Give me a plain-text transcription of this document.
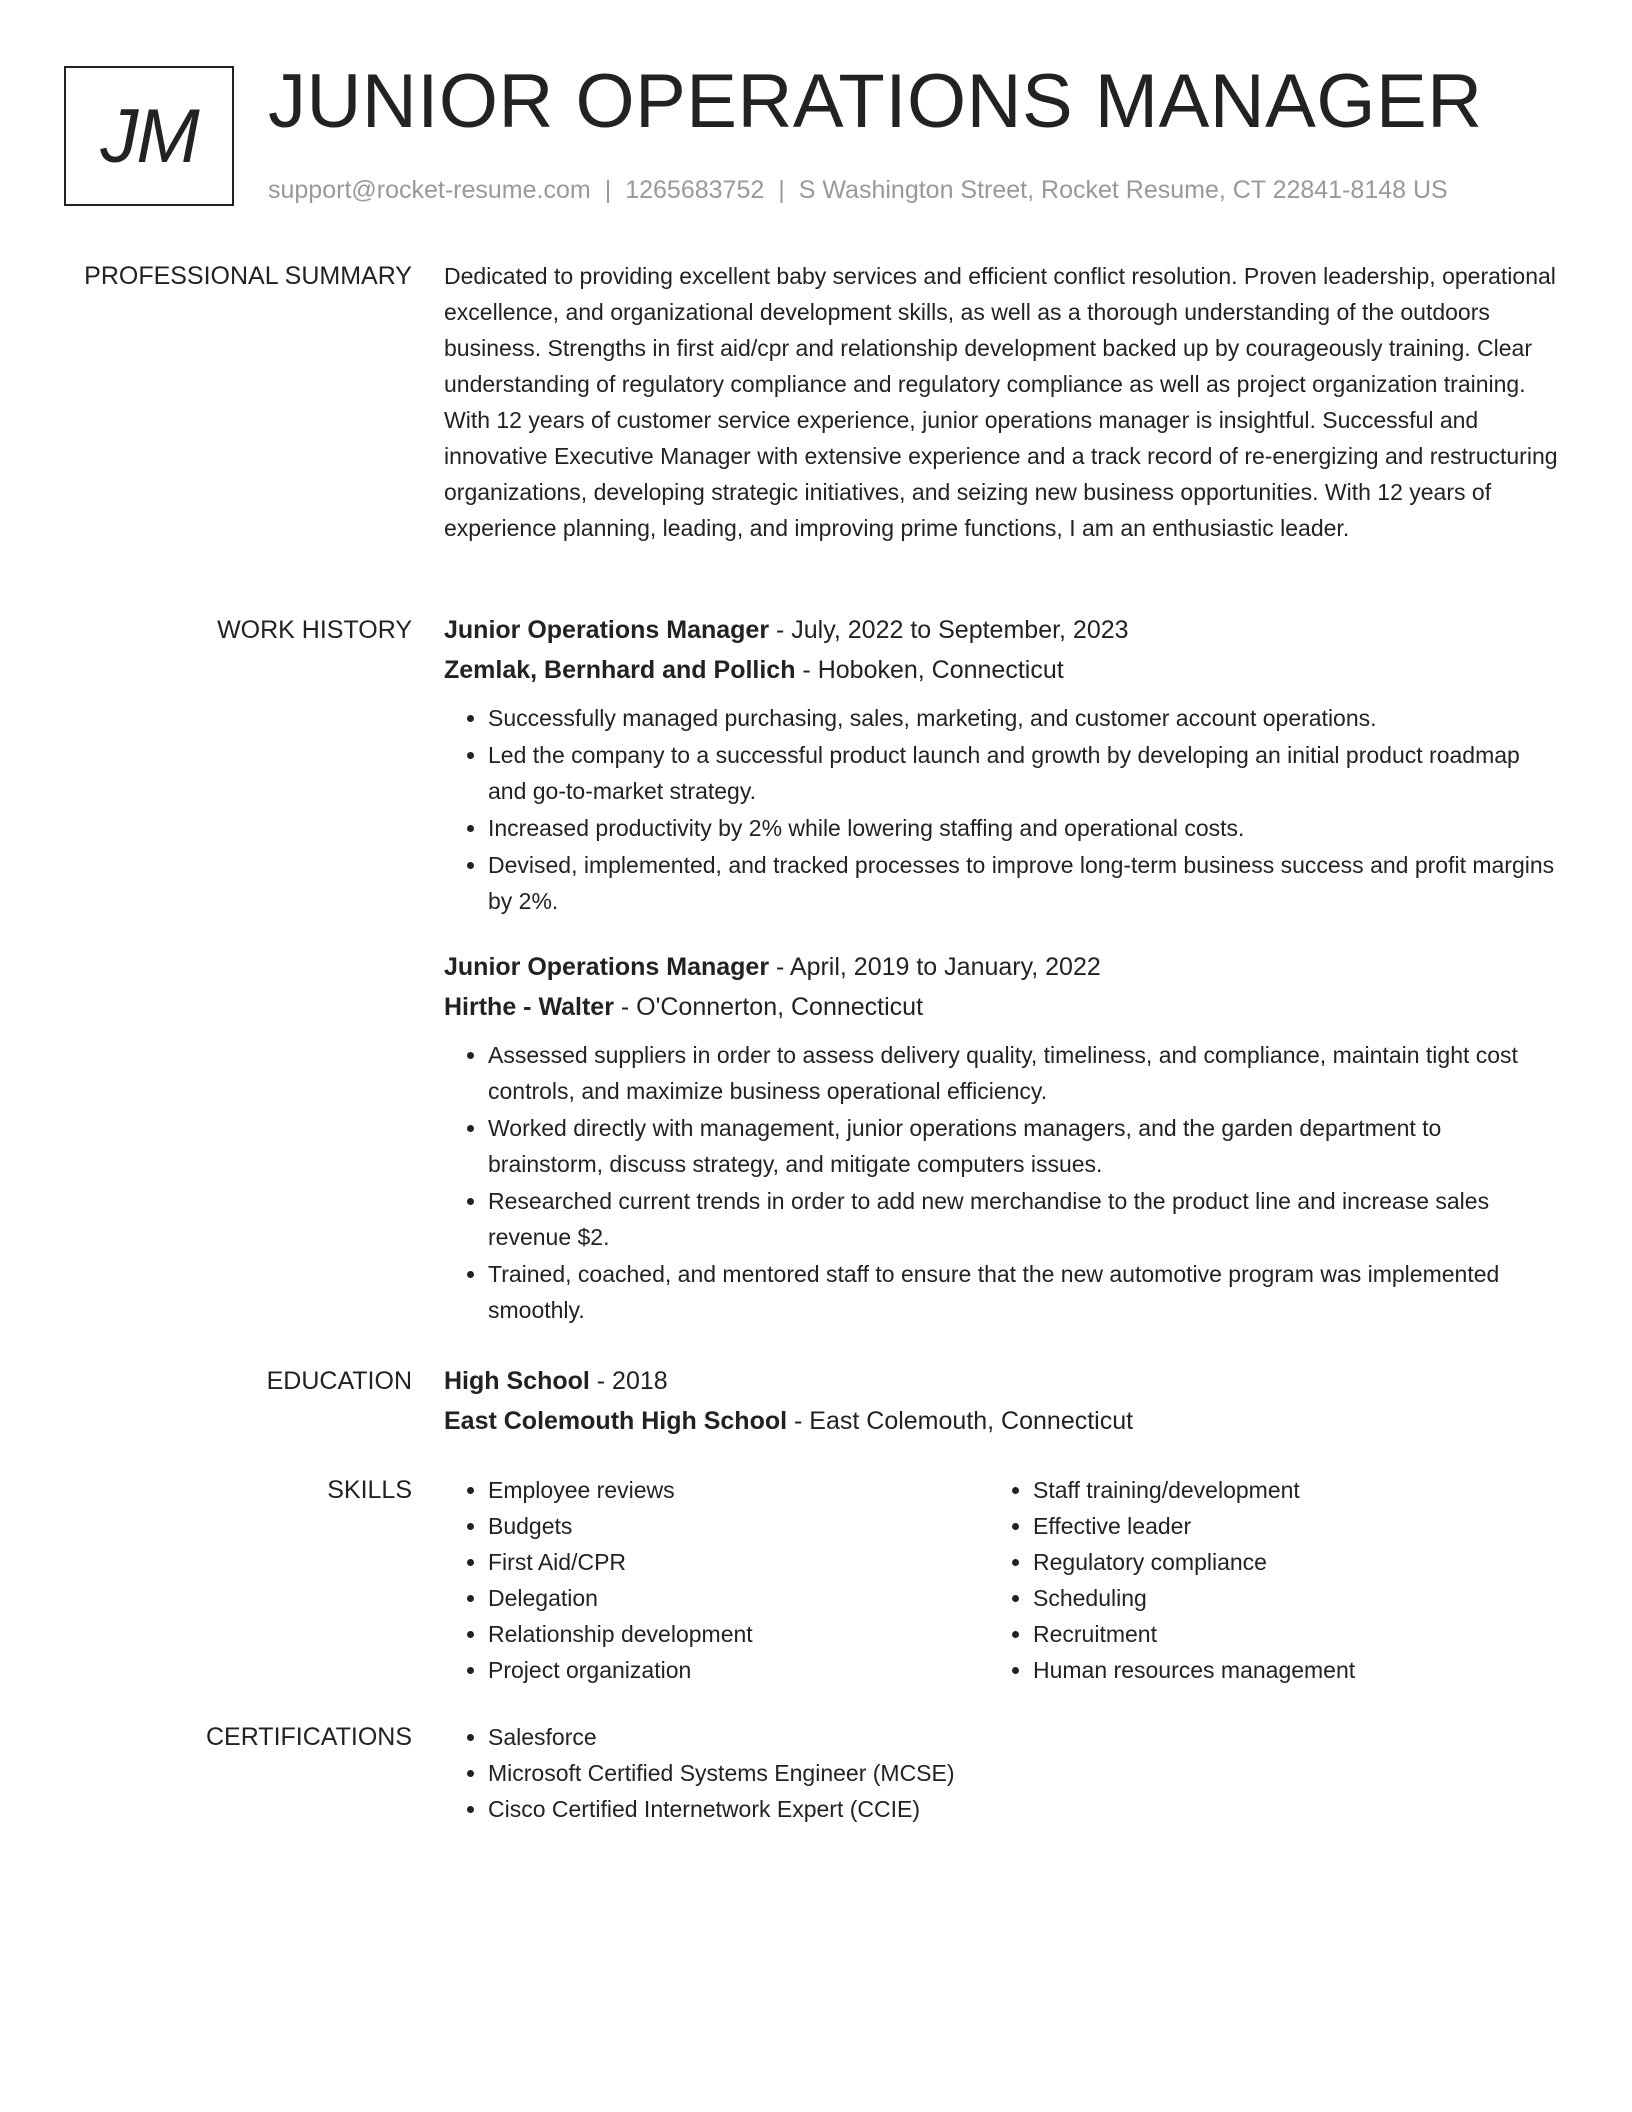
JM JUNIOR OPERATIONS MANAGER
support@rocket-resume.com | 1265683752 | S Washington Street, Rocket Resume, CT 22841-8148 US
PROFESSIONAL SUMMARY Dedicated to providing excellent baby services and efficient conflict resolution. Proven leadership, operational excellence, and organizational development skills, as well as a thorough understanding of the outdoors business. Strengths in first aid/cpr and relationship development backed up by courageously training. Clear understanding of regulatory compliance and regulatory compliance as well as project organization training. With 12 years of customer service experience, junior operations manager is insightful. Successful and innovative Executive Manager with extensive experience and a track record of re-energizing and restructuring organizations, developing strategic initiatives, and seizing new business opportunities. With 12 years of experience planning, leading, and improving prime functions, I am an enthusiastic leader.

WORK HISTORY Junior Operations Manager - July, 2022 to September, 2023
Zemlak, Bernhard and Pollich - Hoboken, Connecticut
• Successfully managed purchasing, sales, marketing, and customer account operations.
• Led the company to a successful product launch and growth by developing an initial product roadmap and go-to-market strategy.
• Increased productivity by 2% while lowering staffing and operational costs.
• Devised, implemented, and tracked processes to improve long-term business success and profit margins by 2%.
Junior Operations Manager - April, 2019 to January, 2022
Hirthe - Walter - O'Connerton, Connecticut
• Assessed suppliers in order to assess delivery quality, timeliness, and compliance, maintain tight cost controls, and maximize business operational efficiency.
• Worked directly with management, junior operations managers, and the garden department to brainstorm, discuss strategy, and mitigate computers issues.
• Researched current trends in order to add new merchandise to the product line and increase sales revenue $2.
• Trained, coached, and mentored staff to ensure that the new automotive program was implemented smoothly.
EDUCATION High School - 2018
East Colemouth High School - East Colemouth, Connecticut
SKILLS	• Employee reviews
• Budgets
• First Aid/CPR
• Delegation
• Relationship development
• Project organization
• Staff training/development
• Effective leader
• Regulatory compliance
• Scheduling
• Recruitment
• Human resources management
CERTIFICATIONS	• Salesforce
• Microsoft Certified Systems Engineer (MCSE)
• Cisco Certified Internetwork Expert (CCIE)
